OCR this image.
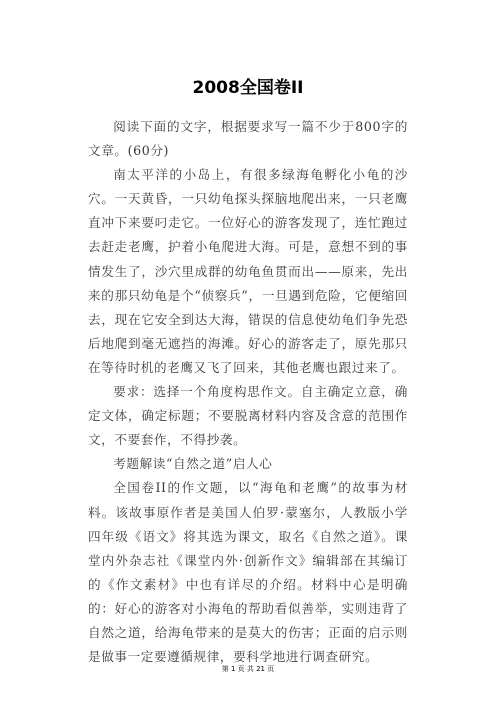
2008全国卷II

阅读下面的文字，根据要求写一篇不少于800字的文章。(60分)

南太平洋的小岛上，有很多绿海龟孵化小龟的沙穴。一天黄昏，一只幼龟探头探脑地爬出来，一只老鹰直冲下来要叼走它。一位好心的游客发现了，连忙跑过去赶走老鹰，护着小龟爬进大海。可是，意想不到的事情发生了，沙穴里成群的幼龟鱼贯而出——原来，先出来的那只幼龟是个“侦察兵”，一旦遇到危险，它便缩回去，现在它安全到达大海，错误的信息使幼龟们争先恐后地爬到毫无遮挡的海滩。好心的游客走了，原先那只在等待时机的老鹰又飞了回来，其他老鹰也跟过来了。

要求：选择一个角度构思作文。自主确定立意，确定文体，确定标题；不要脱离材料内容及含意的范围作文，不要套作，不得抄袭。

考题解读“自然之道”启人心

全国卷II的作文题，以“海龟和老鹰”的故事为材料。该故事原作者是美国人伯罗·蒙塞尔，人教版小学四年级《语文》将其选为课文，取名《自然之道》。课堂内外杂志社《课堂内外·创新作文》编辑部在其编订的《作文素材》中也有详尽的介绍。材料中心是明确的：好心的游客对小海龟的帮助看似善举，实则违背了自然之道，给海龟带来的是莫大的伤害；正面的启示则是做事一定要遵循规律，要科学地进行调查研究。

第 1 页 共 21 页
